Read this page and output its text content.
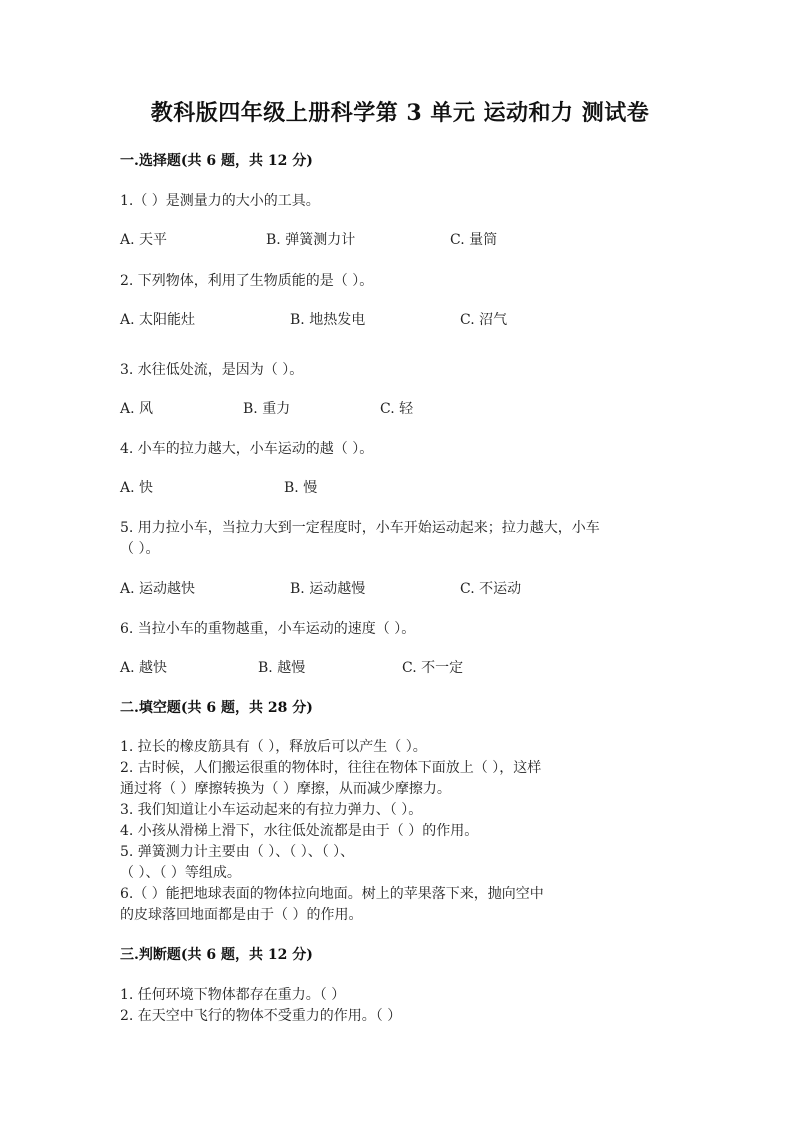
教科版四年级上册科学第 3 单元 运动和力 测试卷
一.选择题(共 6 题，共 12 分)
1.（ ）是测量力的大小的工具。
A. 天平	B. 弹簧测力计	C. 量筒
2. 下列物体，利用了生物质能的是（ ）。
A. 太阳能灶	B. 地热发电	C. 沼气
3. 水往低处流，是因为（ ）。
A. 风	B. 重力	C. 轻
4. 小车的拉力越大，小车运动的越（ ）。
A. 快	B. 慢
5. 用力拉小车，当拉力大到一定程度时，小车开始运动起来；拉力越大，小车
（ ）。
A. 运动越快	B. 运动越慢	C. 不运动
6. 当拉小车的重物越重，小车运动的速度（ ）。
A. 越快	B. 越慢	C. 不一定
二.填空题(共 6 题，共 28 分)
1. 拉长的橡皮筋具有（ ），释放后可以产生（ ）。
2. 古时候，人们搬运很重的物体时，往往在物体下面放上（ ），这样
通过将（ ）摩擦转换为（ ）摩擦，从而减少摩擦力。
3. 我们知道让小车运动起来的有拉力弹力、（ ）。
4. 小孩从滑梯上滑下，水往低处流都是由于（ ）的作用。
5. 弹簧测力计主要由（ ）、（ ）、（ ）、
（ ）、（ ）等组成。
6.（ ）能把地球表面的物体拉向地面。树上的苹果落下来，抛向空中
的皮球落回地面都是由于（ ）的作用。
三.判断题(共 6 题，共 12 分)
1. 任何环境下物体都存在重力。（ ）
2. 在天空中飞行的物体不受重力的作用。（ ）
